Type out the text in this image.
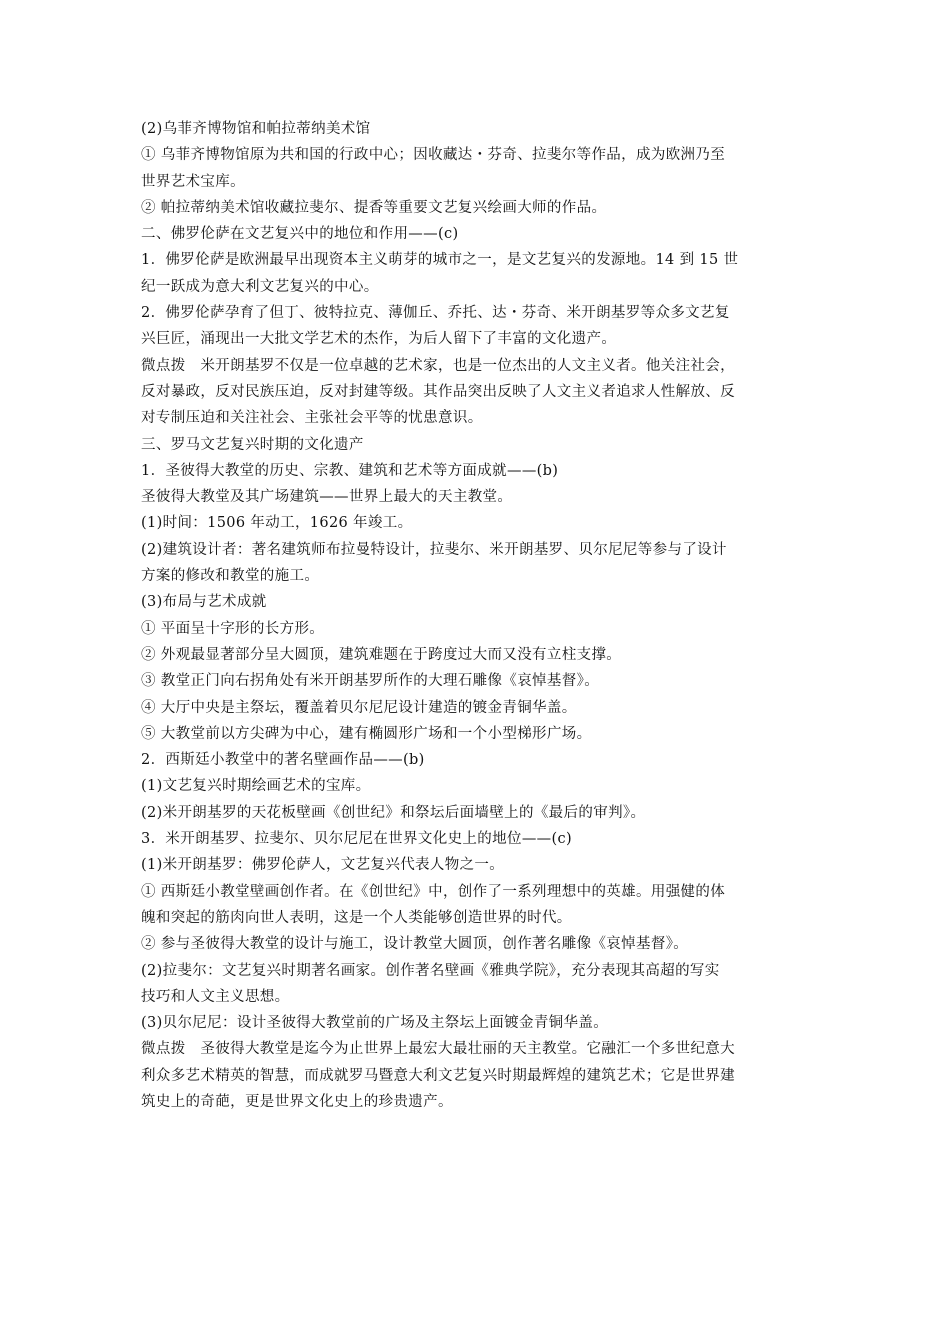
(2)乌菲齐博物馆和帕拉蒂纳美术馆
① 乌菲齐博物馆原为共和国的行政中心；因收藏达・芬奇、拉斐尔等作品，成为欧洲乃至
世界艺术宝库。
② 帕拉蒂纳美术馆收藏拉斐尔、提香等重要文艺复兴绘画大师的作品。
二、佛罗伦萨在文艺复兴中的地位和作用——(c)
1．佛罗伦萨是欧洲最早出现资本主义萌芽的城市之一，是文艺复兴的发源地。14 到 15 世
纪一跃成为意大利文艺复兴的中心。
2．佛罗伦萨孕育了但丁、彼特拉克、薄伽丘、乔托、达・芬奇、米开朗基罗等众多文艺复
兴巨匠，涌现出一大批文学艺术的杰作，为后人留下了丰富的文化遗产。
微点拨　米开朗基罗不仅是一位卓越的艺术家，也是一位杰出的人文主义者。他关注社会，
反对暴政，反对民族压迫，反对封建等级。其作品突出反映了人文主义者追求人性解放、反
对专制压迫和关注社会、主张社会平等的忧患意识。
三、罗马文艺复兴时期的文化遗产
1．圣彼得大教堂的历史、宗教、建筑和艺术等方面成就——(b)
圣彼得大教堂及其广场建筑——世界上最大的天主教堂。
(1)时间：1506 年动工，1626 年竣工。
(2)建筑设计者：著名建筑师布拉曼特设计，拉斐尔、米开朗基罗、贝尔尼尼等参与了设计
方案的修改和教堂的施工。
(3)布局与艺术成就
① 平面呈十字形的长方形。
② 外观最显著部分呈大圆顶，建筑难题在于跨度过大而又没有立柱支撑。
③ 教堂正门向右拐角处有米开朗基罗所作的大理石雕像《哀悼基督》。
④ 大厅中央是主祭坛，覆盖着贝尔尼尼设计建造的镀金青铜华盖。
⑤ 大教堂前以方尖碑为中心，建有椭圆形广场和一个小型梯形广场。
2．西斯廷小教堂中的著名壁画作品——(b)
(1)文艺复兴时期绘画艺术的宝库。
(2)米开朗基罗的天花板壁画《创世纪》和祭坛后面墙壁上的《最后的审判》。
3．米开朗基罗、拉斐尔、贝尔尼尼在世界文化史上的地位——(c)
(1)米开朗基罗：佛罗伦萨人，文艺复兴代表人物之一。
① 西斯廷小教堂壁画创作者。在《创世纪》中，创作了一系列理想中的英雄。用强健的体
魄和突起的筋肉向世人表明，这是一个人类能够创造世界的时代。
② 参与圣彼得大教堂的设计与施工，设计教堂大圆顶，创作著名雕像《哀悼基督》。
(2)拉斐尔：文艺复兴时期著名画家。创作著名壁画《雅典学院》，充分表现其高超的写实
技巧和人文主义思想。
(3)贝尔尼尼：设计圣彼得大教堂前的广场及主祭坛上面镀金青铜华盖。
微点拨　圣彼得大教堂是迄今为止世界上最宏大最壮丽的天主教堂。它融汇一个多世纪意大
利众多艺术精英的智慧，而成就罗马暨意大利文艺复兴时期最辉煌的建筑艺术；它是世界建
筑史上的奇葩，更是世界文化史上的珍贵遗产。
